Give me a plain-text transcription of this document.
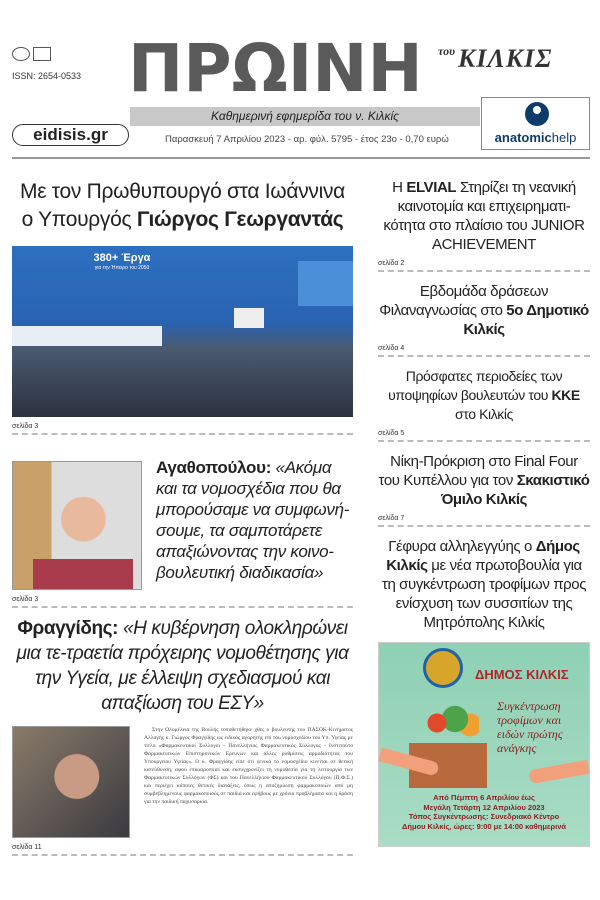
ISSN: 2654-0533 ΠΡΩΙΝΗ του ΚΙΛΚΙΣ
Καθημερινή εφημερίδα του ν. Κιλκίς
eidisis.gr	Παρασκευή 7 Απριλίου 2023 - αρ. φύλ. 5795 - έτος 23ο - 0,70 ευρώ	anatomichelp
Με τον Πρωθυπουργό στα Ιωάννινα
ο Υπουργός Γιώργος Γεωργαντάς
380+ Έργα
για την Ήπειρο του 2050
σελίδα 3
Αγαθοπούλου: «Ακόμα και τα νομοσχέδια που θα μπορούσαμε να συμφωνή-σουμε, τα σαμποτάρετε απαξιώνοντας την κοινο-βουλευτική διαδικασία»
σελίδα 3
Φραγγίδης: «Η κυβέρνηση ολοκληρώνει μια τε-τραετία πρόχειρης νομοθέτησης για την Υγεία, με έλλειψη σχεδιασμού και απαξίωση του ΕΣΥ»
Στην Ολομέλεια της Βουλής τοποθετήθηκε χθες ο βουλευτής του ΠΑΣΟΚ-Κινήματος Αλλαγής κ. Γιώργος Φραγγίδης ως ειδικός αγορητής επί του νομοσχεδίου του Υπ. Υγείας με τίτλο «Φαρμακευτικοί Σύλλογοι - Πανελλήνιος Φαρμακευτικός Σύλλογος - Ινστιτούτο Φαρμακευτικών Επιστημονικών Ερευνών και άλλες ρυθμίσεις αρμοδιότητας του Υπουργείου Υγείας». Ο κ. Φραγγίδης είπε ότι γενικά το νομοσχέδιο κινείται σε θετική κατεύθυνση, αφού επικαιροποιεί και εκσυγχρονίζει τη νομοθεσία για τη λειτουργία των Φαρμακευτικών Συλλόγων (ΦΣ) και του Πανελλήνιου Φαρμακευτικού Συλλόγου (Π.Φ.Σ.) και περιέχει κάποιες θετικές διατάξεις, όπως η αποζημίωση φαρμακοποιών από μη συμβεβλημένους φαρμακοποιούς σε παιδιά και εφήβους με χρόνια προβλήματα και η δράση για την παιδική παχυσαρκία.
σελίδα 11
Η ELVIAL Στηρίζει τη νεανική καινοτομία και επιχειρηματι-κότητα στο πλαίσιο του JUNIOR ACHIEVEMENT
σελίδα 2
Εβδομάδα δράσεων Φιλαναγνωσίας στο 5ο Δημοτικό Κιλκίς
σελίδα 4
Πρόσφατες περιοδείες των υποψηφίων βουλευτών του ΚΚΕ στο Κιλκίς
σελίδα 5
Νίκη-Πρόκριση στο Final Four του Κυπέλλου για τον Σκακιστικό Όμιλο Κιλκίς
σελίδα 7
Γέφυρα αλληλεγγύης ο Δήμος Κιλκίς με νέα πρωτοβουλία για τη συγκέντρωση τροφίμων προς ενίσχυση των συσσιτίων της Μητρόπολης Κιλκίς
ΔΗΜΟΣ ΚΙΛΚΙΣ
Συγκέντρωση τροφίμων και ειδών πρώτης ανάγκης
Από Πέμπτη 6 Απριλίου έως
Μεγάλη Τετάρτη 12 Απριλίου 2023
Τόπος Συγκέντρωσης: Συνεδριακό Κέντρο
Δήμου Κιλκίς, ώρες: 9:00 με 14:00 καθημερινά
